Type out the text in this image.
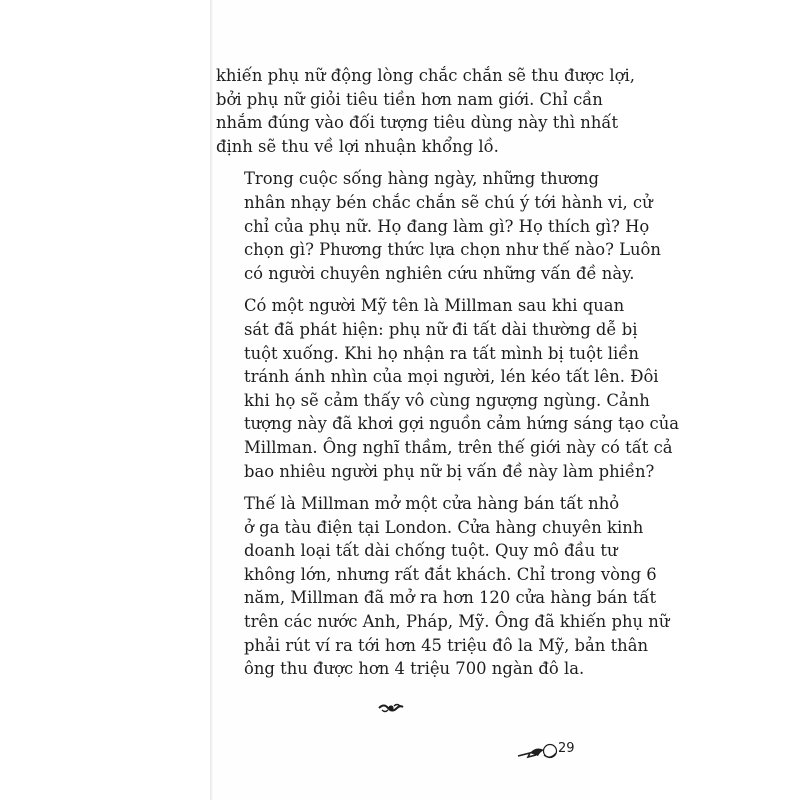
khiến phụ nữ động lòng chắc chắn sẽ thu được lợi,
bởi phụ nữ giỏi tiêu tiền hơn nam giới. Chỉ cần
nhắm đúng vào đối tượng tiêu dùng này thì nhất
định sẽ thu về lợi nhuận khổng lồ.

Trong cuộc sống hàng ngày, những thương
nhân nhạy bén chắc chắn sẽ chú ý tới hành vi, cử
chỉ của phụ nữ. Họ đang làm gì? Họ thích gì? Họ
chọn gì? Phương thức lựa chọn như thế nào? Luôn
có người chuyên nghiên cứu những vấn đề này.

Có một người Mỹ tên là Millman sau khi quan
sát đã phát hiện: phụ nữ đi tất dài thường dễ bị
tuột xuống. Khi họ nhận ra tất mình bị tuột liền
tránh ánh nhìn của mọi người, lén kéo tất lên. Đôi
khi họ sẽ cảm thấy vô cùng ngượng ngùng. Cảnh
tượng này đã khơi gợi nguồn cảm hứng sáng tạo của
Millman. Ông nghĩ thầm, trên thế giới này có tất cả
bao nhiêu người phụ nữ bị vấn đề này làm phiền?

Thế là Millman mở một cửa hàng bán tất nhỏ
ở ga tàu điện tại London. Cửa hàng chuyên kinh
doanh loại tất dài chống tuột. Quy mô đầu tư
không lớn, nhưng rất đắt khách. Chỉ trong vòng 6
năm, Millman đã mở ra hơn 120 cửa hàng bán tất
trên các nước Anh, Pháp, Mỹ. Ông đã khiến phụ nữ
phải rút ví ra tới hơn 45 triệu đô la Mỹ, bản thân
ông thu được hơn 4 triệu 700 ngàn đô la.

29
